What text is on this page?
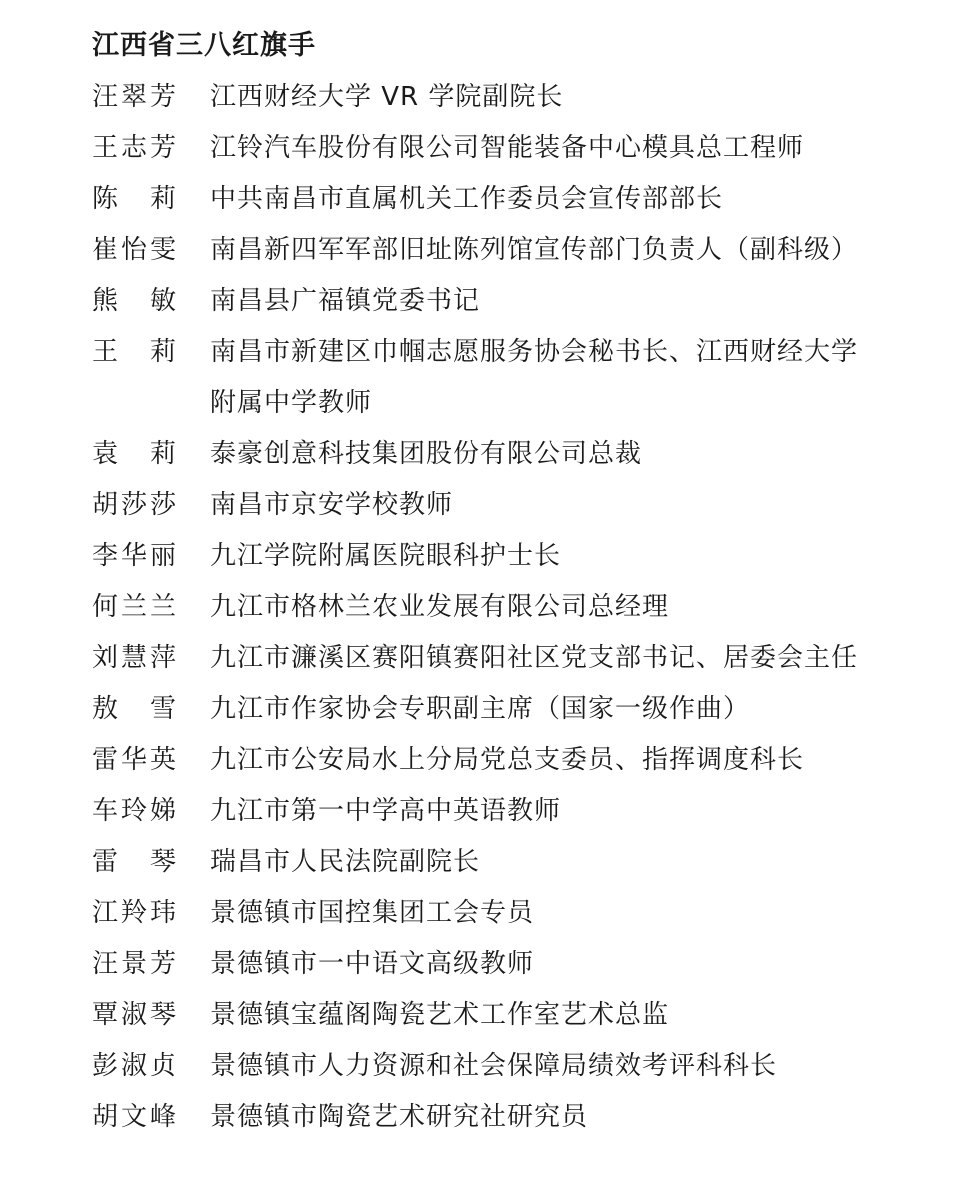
江西省三八红旗手
汪翠芳 江西财经大学 VR 学院副院长
王志芳 江铃汽车股份有限公司智能装备中心模具总工程师
陈莉 中共南昌市直属机关工作委员会宣传部部长
崔怡雯 南昌新四军军部旧址陈列馆宣传部门负责人（副科级）
熊敏 南昌县广福镇党委书记
王莉 南昌市新建区巾帼志愿服务协会秘书长、江西财经大学附属中学教师
袁莉 泰豪创意科技集团股份有限公司总裁
胡莎莎 南昌市京安学校教师
李华丽 九江学院附属医院眼科护士长
何兰兰 九江市格林兰农业发展有限公司总经理
刘慧萍 九江市濂溪区赛阳镇赛阳社区党支部书记、居委会主任
敖雪 九江市作家协会专职副主席（国家一级作曲）
雷华英 九江市公安局水上分局党总支委员、指挥调度科长
车玲娣 九江市第一中学高中英语教师
雷琴 瑞昌市人民法院副院长
江羚玮 景德镇市国控集团工会专员
汪景芳 景德镇市一中语文高级教师
覃淑琴 景德镇宝蕴阁陶瓷艺术工作室艺术总监
彭淑贞 景德镇市人力资源和社会保障局绩效考评科科长
胡文峰 景德镇市陶瓷艺术研究社研究员
